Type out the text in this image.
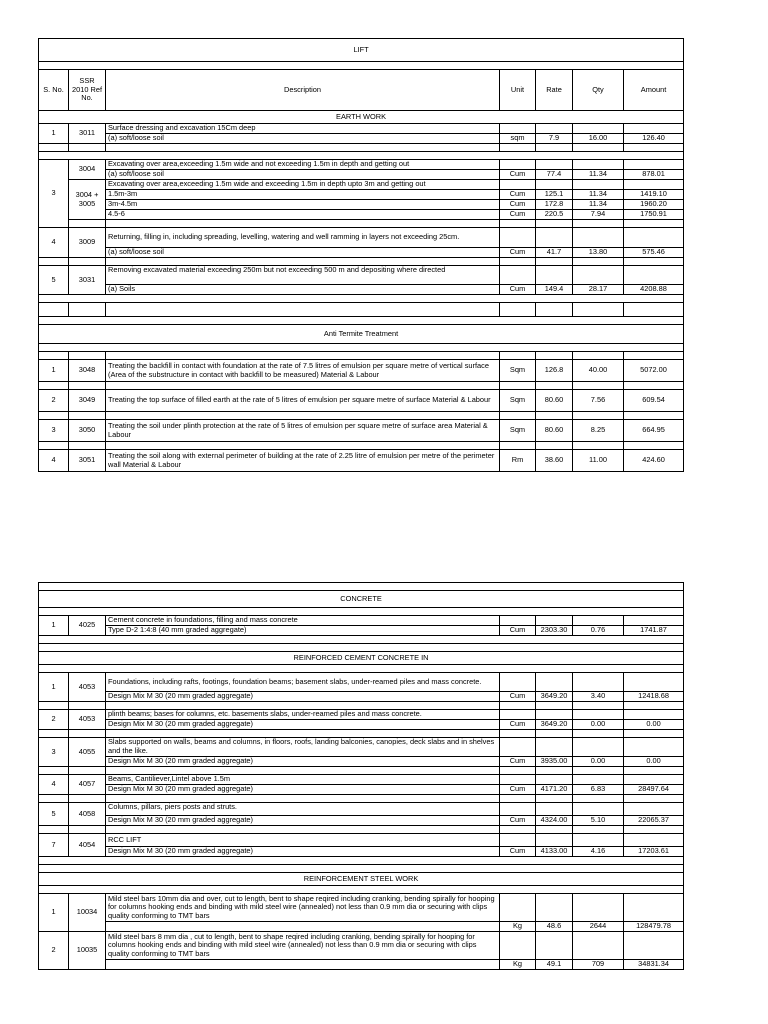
LIFT						

S. No.	SSR 2010 Ref No.	Description	Unit	Rate	Qty	Amount
EARTH WORK						
1	3011	Surface dressing and excavation 15Cm deep				
		(a) soft/loose soil	sqm	7.9	16.00	126.40

3	3004	Excavating over area,exceeding 1.5m wide and not exceeding 1.5m in depth and getting out				
		(a) soft/loose soil	Cum	77.4	11.34	878.01
	3004 + 3005	Excavating over area,exceeding 1.5m wide and exceeding 1.5m in depth upto 3m and getting out				
		1.5m-3m	Cum	125.1	11.34	1419.10
		3m-4.5m	Cum	172.8	11.34	1960.20
		4.5-6	Cum	220.5	7.94	1750.91

4	3009	Returning, filling in, including spreading, levelling, watering and well ramming in layers not exceeding 25cm.				
		(a) soft/loose soil	Cum	41.7	13.80	575.46

5	3031	Removing excavated material exceeding 250m but not exceeding 500 m and depositing where directed				
		(a) Soils	Cum	149.4	28.17	4208.88

Anti Termite Treatment						

1	3048	Treating the backfill in contact with foundation at the rate of 7.5 litres of emulsion per square metre of vertical surface (Area of the substructure in contact with backfill to be measured) Material & Labour	Sqm	126.8	40.00	5072.00

2	3049	Treating the top surface of filled earth at the rate of 5 litres of emulsion per square metre of surface Material & Labour	Sqm	80.60	7.56	609.54

3	3050	Treating the soil under plinth protection at the rate of 5 litres of emulsion per square metre of surface area Material & Labour	Sqm	80.60	8.25	664.95

4	3051	Treating the soil along with external perimeter of building at the rate of 2.25 litre of emulsion per metre of the perimeter wall Material & Labour	Rm	38.60	11.00	424.60

CONCRETE						

1	4025	Cement concrete in foundations, filling and mass concrete				
		Type D-2 1:4:8 (40 mm graded aggregate)	Cum	2303.30	0.76	1741.87

REINFORCED CEMENT CONCRETE IN						

1	4053	Foundations, including rafts, footings, foundation beams; basement slabs, under-reamed piles and mass concrete.				
		Design Mix M 30 (20 mm graded aggregate)	Cum	3649.20	3.40	12418.68

2	4053	plinth beams; bases for columns, etc. basements slabs, under-reamed piles and mass concrete.				
		Design Mix M 30 (20 mm graded aggregate)	Cum	3649.20	0.00	0.00

3	4055	Slabs supported on walls, beams and columns, in floors, roofs, landing balconies, canopies, deck slabs and in shelves and the like.				
		Design Mix M 30 (20 mm graded aggregate)	Cum	3935.00	0.00	0.00

4	4057	Beams, Cantiliever,Lintel above 1.5m				
		Design Mix M 30 (20 mm graded aggregate)	Cum	4171.20	6.83	28497.64

5	4058	Columns, pillars, piers posts and struts.				
		Design Mix M 30 (20 mm graded aggregate)	Cum	4324.00	5.10	22065.37

7	4054	RCC LIFT				
		Design Mix M 30 (20 mm graded aggregate)	Cum	4133.00	4.16	17203.61

REINFORCEMENT STEEL WORK						

1	10034	Mild steel bars 10mm dia and over, cut to length, bent to shape reqired including cranking, bending spirally for hooping for columns hooking ends and binding with mild steel wire (annealed) not less than 0.9 mm dia or securing with clips quality conforming to TMT bars				
			Kg	48.6	2644	128479.78
2	10035	Mild steel bars 8 mm dia , cut to length, bent to shape reqired including cranking, bending spirally for hooping for columns hooking ends and binding with mild steel wire (annealed) not less than 0.9 mm dia or securing with clips quality conforming to TMT bars				
			Kg	49.1	709	34831.34
